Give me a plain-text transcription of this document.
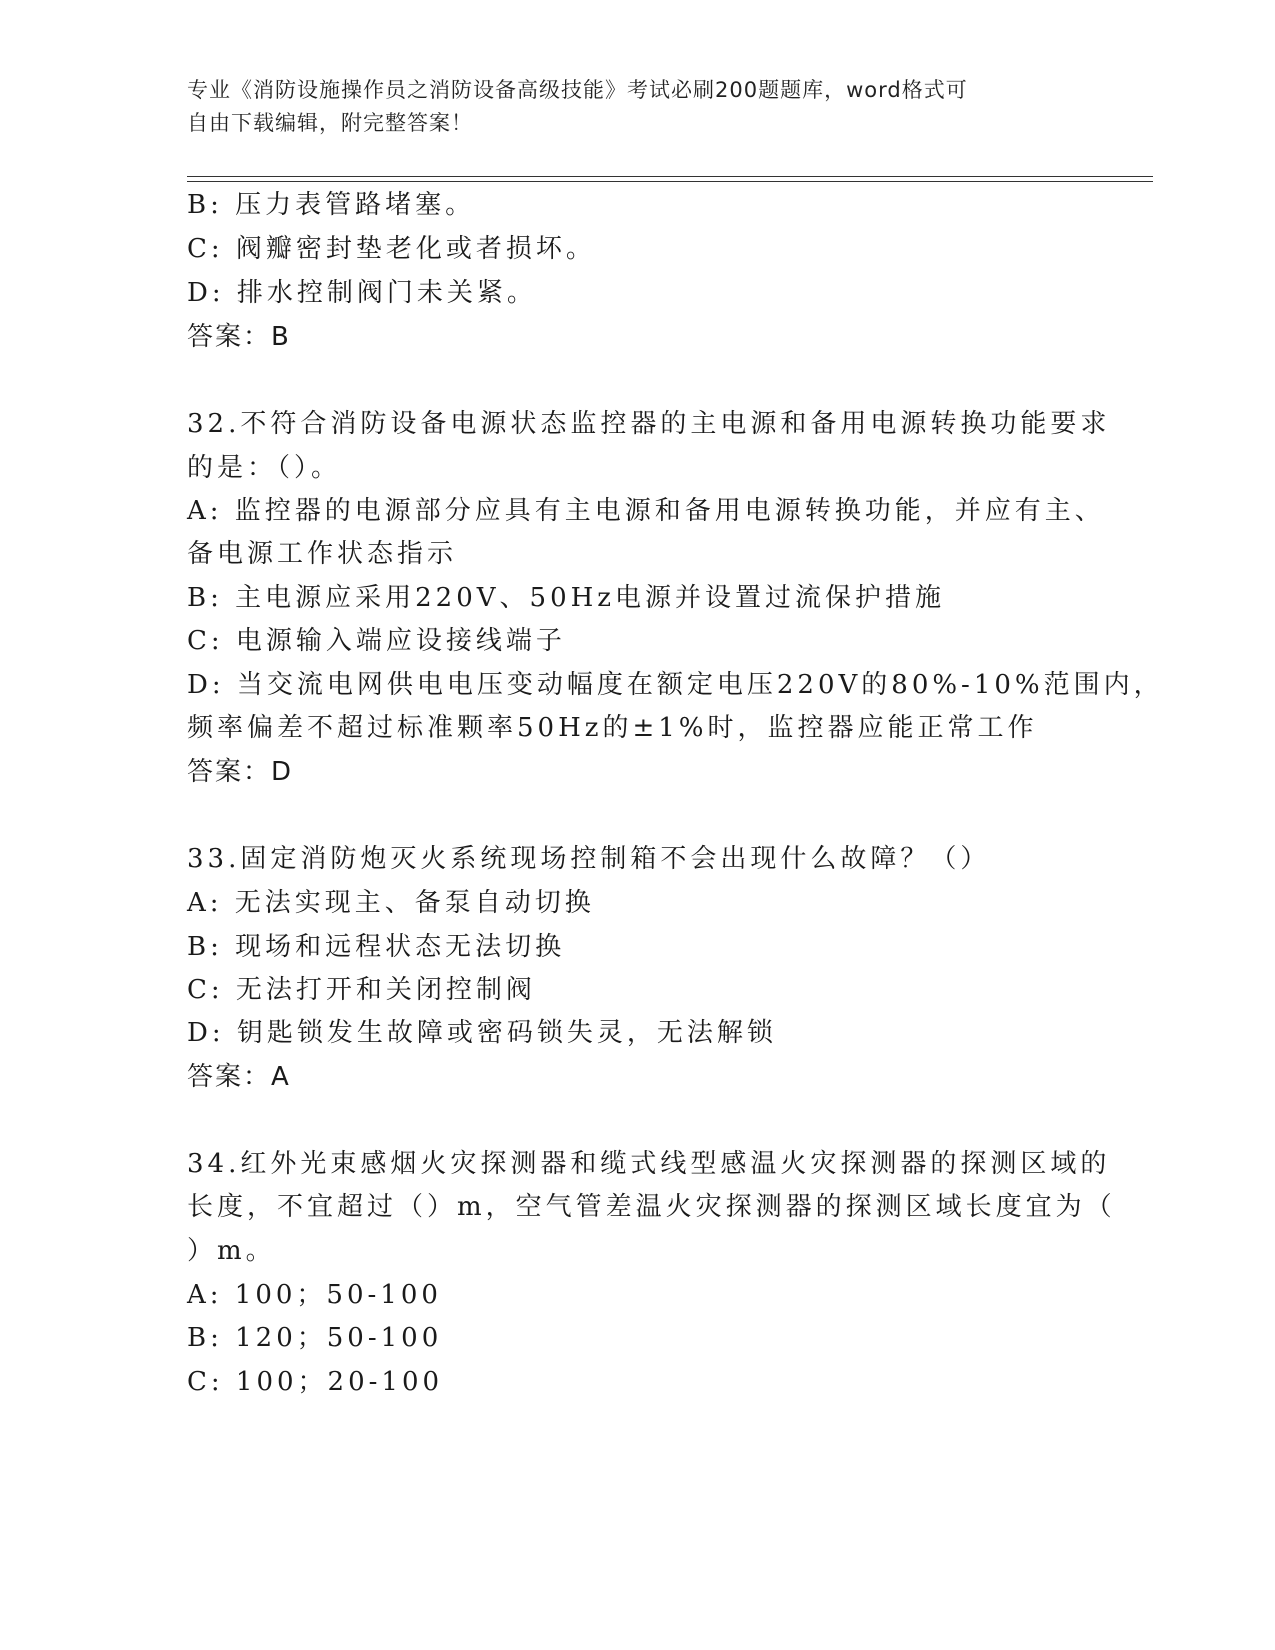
专业《消防设施操作员之消防设备高级技能》考试必刷200题题库，word格式可
自由下载编辑，附完整答案！
B: 压力表管路堵塞。
C: 阀瓣密封垫老化或者损坏。
D: 排水控制阀门未关紧。
答案：B
32.不符合消防设备电源状态监控器的主电源和备用电源转换功能要求
的是：（）。
A: 监控器的电源部分应具有主电源和备用电源转换功能，并应有主、
备电源工作状态指示
B: 主电源应采用220V、50Hz电源并设置过流保护措施
C: 电源输入端应设接线端子
D: 当交流电网供电电压变动幅度在额定电压220V的80%-10%范围内，
频率偏差不超过标准颗率50Hz的±1%时，监控器应能正常工作
答案：D
33.固定消防炮灭火系统现场控制箱不会出现什么故障？（）
A: 无法实现主、备泵自动切换
B: 现场和远程状态无法切换
C: 无法打开和关闭控制阀
D: 钥匙锁发生故障或密码锁失灵，无法解锁
答案：A
34.红外光束感烟火灾探测器和缆式线型感温火灾探测器的探测区域的
长度，不宜超过（）m，空气管差温火灾探测器的探测区域长度宜为（
）m。
A: 100；50-100
B: 120；50-100
C: 100；20-100
